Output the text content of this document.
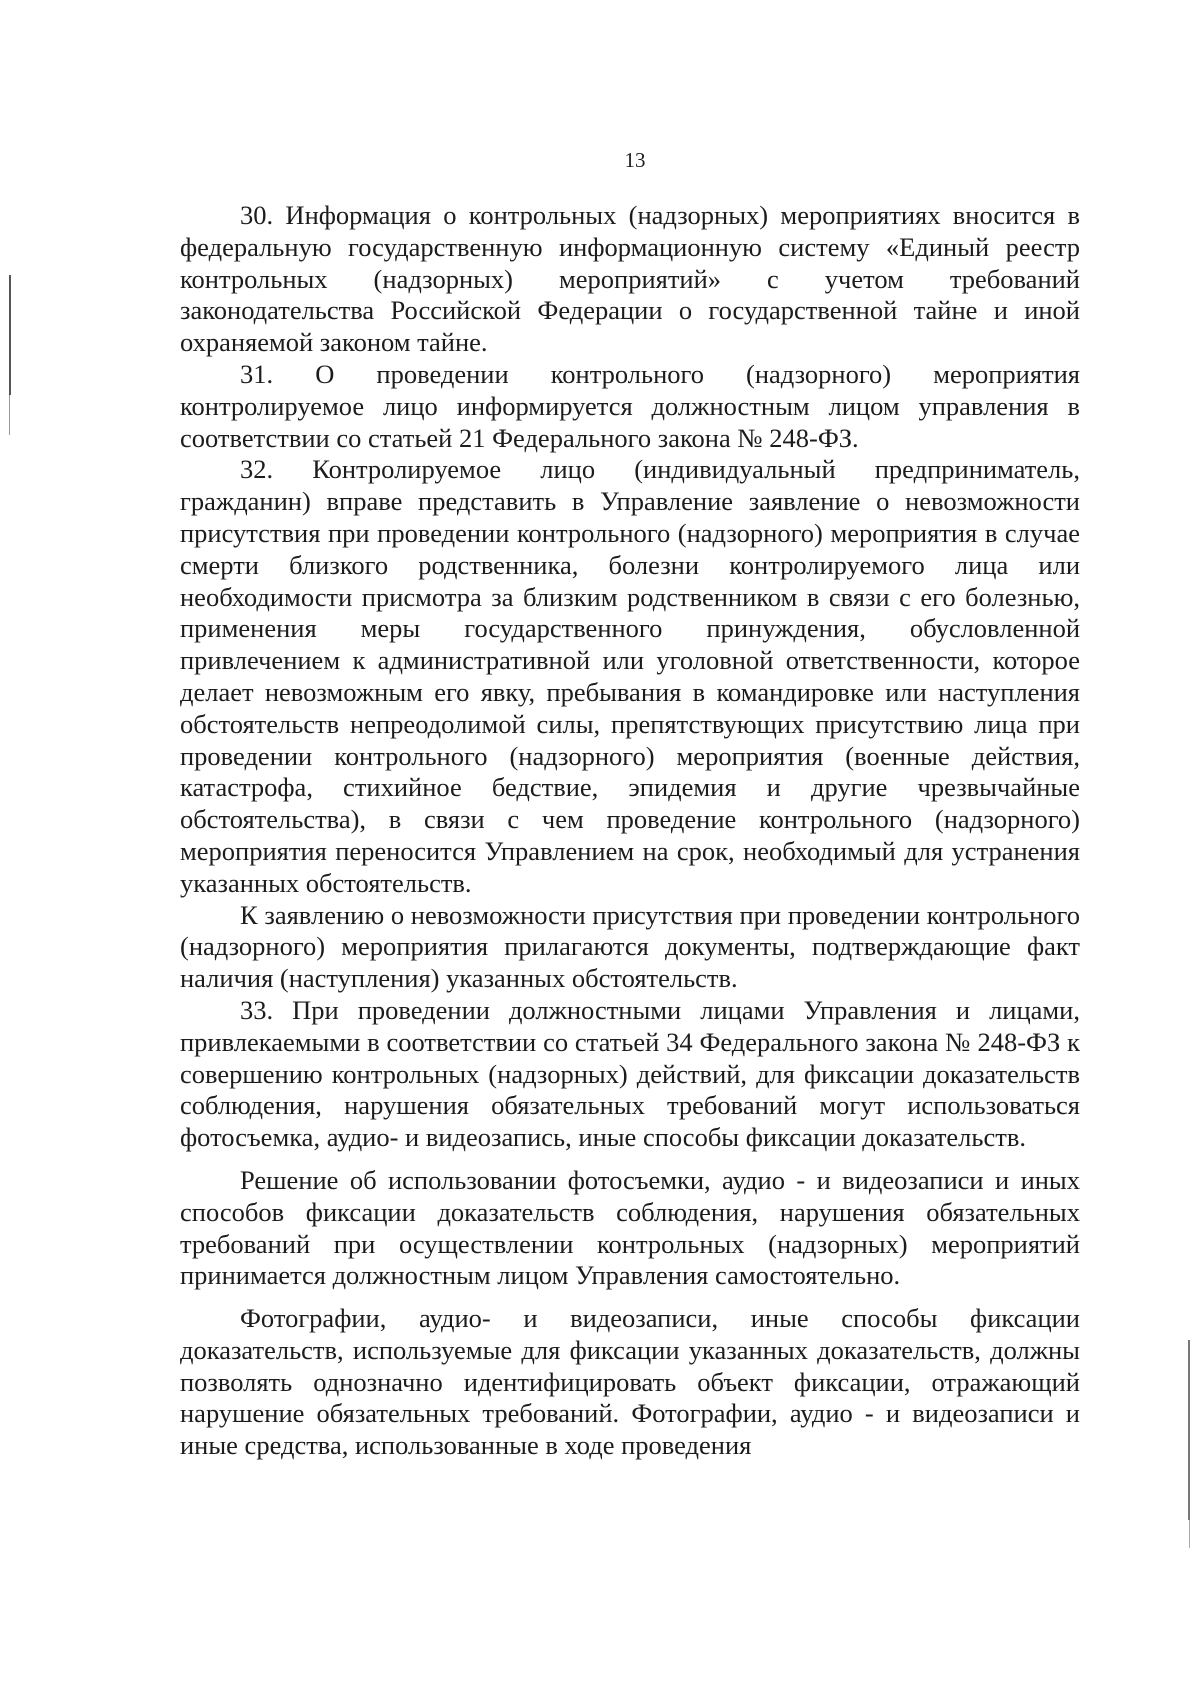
13

30. Информация о контрольных (надзорных) мероприятиях вносится в федеральную государственную информационную систему «Единый реестр контрольных (надзорных) мероприятий» с учетом требований законодательства Российской Федерации о государственной тайне и иной охраняемой законом тайне.

31. О проведении контрольного (надзорного) мероприятия контролируемое лицо информируется должностным лицом управления в соответствии со статьей 21 Федерального закона № 248-ФЗ.

32. Контролируемое лицо (индивидуальный предприниматель, гражданин) вправе представить в Управление заявление о невозможности присутствия при проведении контрольного (надзорного) мероприятия в случае смерти близкого родственника, болезни контролируемого лица или необходимости присмотра за близким родственником в связи с его болезнью, применения меры государственного принуждения, обусловленной привлечением к административной или уголовной ответственности, которое делает невозможным его явку, пребывания в командировке или наступления обстоятельств непреодолимой силы, препятствующих присутствию лица при проведении контрольного (надзорного) мероприятия (военные действия, катастрофа, стихийное бедствие, эпидемия и другие чрезвычайные обстоятельства), в связи с чем проведение контрольного (надзорного) мероприятия переносится Управлением на срок, необходимый для устранения указанных обстоятельств.

К заявлению о невозможности присутствия при проведении контрольного (надзорного) мероприятия прилагаются документы, подтверждающие факт наличия (наступления) указанных обстоятельств.

33. При проведении должностными лицами Управления и лицами, привлекаемыми в соответствии со статьей 34 Федерального закона № 248-ФЗ к совершению контрольных (надзорных) действий, для фиксации доказательств соблюдения, нарушения обязательных требований могут использоваться фотосъемка, аудио- и видеозапись, иные способы фиксации доказательств.

Решение об использовании фотосъемки, аудио - и видеозаписи и иных способов фиксации доказательств соблюдения, нарушения обязательных требований при осуществлении контрольных (надзорных) мероприятий принимается должностным лицом Управления самостоятельно.

Фотографии, аудио- и видеозаписи, иные способы фиксации доказательств, используемые для фиксации указанных доказательств, должны позволять однозначно идентифицировать объект фиксации, отражающий нарушение обязательных требований. Фотографии, аудио - и видеозаписи и иные средства, использованные в ходе проведения
